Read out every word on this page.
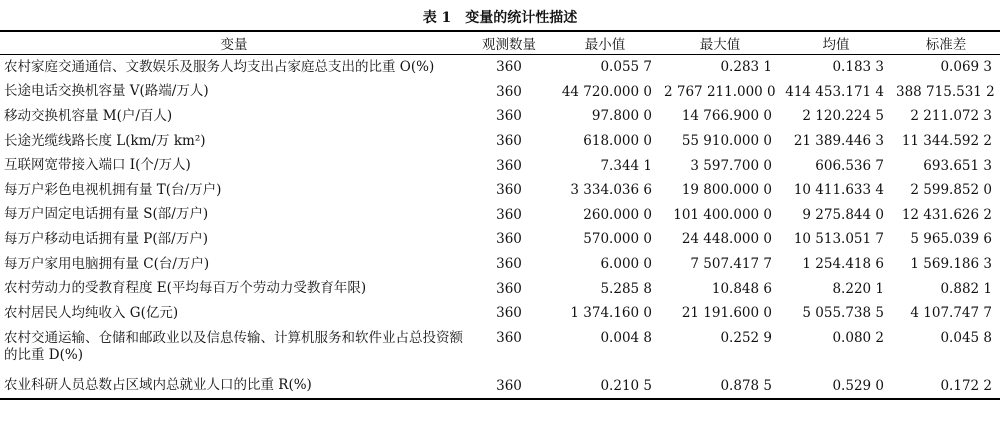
表 1　变量的统计性描述
变量	观测数量	最小值	最大值	均值	标准差
农村家庭交通通信、文教娱乐及服务人均支出占家庭总支出的比重 O(%)	360	0.055 7	0.283 1	0.183 3	0.069 3
长途电话交换机容量 V(路端/万人)	360	44 720.000 0	2 767 211.000 0	414 453.171 4	388 715.531 2
移动交换机容量 M(户/百人)	360	97.800 0	14 766.900 0	2 120.224 5	2 211.072 3
长途光缆线路长度 L(km/万 km²)	360	618.000 0	55 910.000 0	21 389.446 3	11 344.592 2
互联网宽带接入端口 I(个/万人)	360	7.344 1	3 597.700 0	606.536 7	693.651 3
每万户彩色电视机拥有量 T(台/万户)	360	3 334.036 6	19 800.000 0	10 411.633 4	2 599.852 0
每万户固定电话拥有量 S(部/万户)	360	260.000 0	101 400.000 0	9 275.844 0	12 431.626 2
每万户移动电话拥有量 P(部/万户)	360	570.000 0	24 448.000 0	10 513.051 7	5 965.039 6
每万户家用电脑拥有量 C(台/万户)	360	6.000 0	7 507.417 7	1 254.418 6	1 569.186 3
农村劳动力的受教育程度 E(平均每百万个劳动力受教育年限)	360	5.285 8	10.848 6	8.220 1	0.882 1
农村居民人均纯收入 G(亿元)	360	1 374.160 0	21 191.600 0	5 055.738 5	4 107.747 7
农村交通运输、仓储和邮政业以及信息传输、计算机服务和软件业占总投资额的比重 D(%)	360	0.004 8	0.252 9	0.080 2	0.045 8
农业科研人员总数占区域内总就业人口的比重 R(%)	360	0.210 5	0.878 5	0.529 0	0.172 2
